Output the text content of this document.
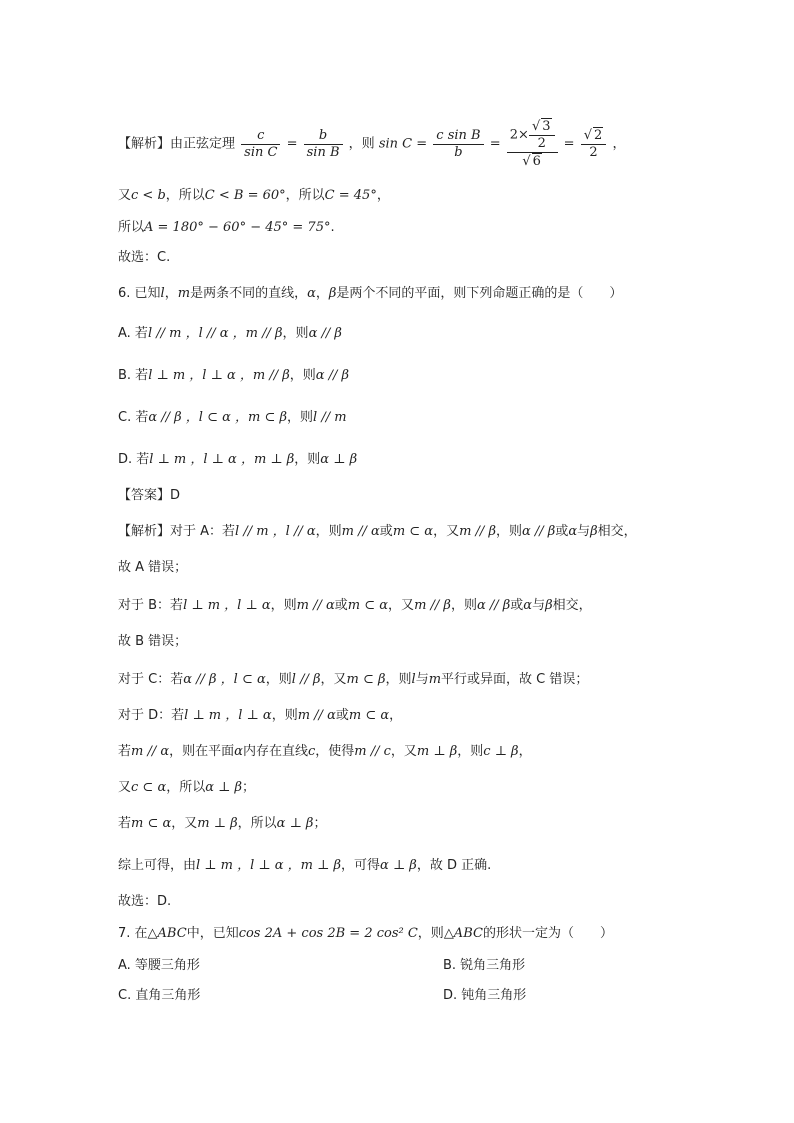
【解析】由正弦定理 $\frac{c}{\text{sin C}} = \frac{b}{\text{sin B}}$ ，则 $\sin C = \frac{\text{c sin B}}{b} = \frac{2\times \frac{√ 3}{2}}{√ 6} = \frac{√ 2}{2}$ ，
又c < b，所以C < B = 60°，所以C = 45°，
所以A = 180° − 60° − 45° = 75°.
故选：C.
6. 已知l，m是两条不同的直线，α，β是两个不同的平面，则下列命题正确的是（　　）
A. 若l // m ，l // α ，m // β，则α // β
B. 若l ⊥ m ，l ⊥ α ，m // β，则α // β
C. 若α // β ，l ⊂ α ，m ⊂ β，则l // m
D. 若l ⊥ m ，l ⊥ α ，m ⊥ β，则α ⊥ β
【答案】D
【解析】对于 A：若l // m ，l // α，则m // α或m ⊂ α，又m // β，则α // β或α与β相交，
故 A 错误；
对于 B：若l ⊥ m ，l ⊥ α，则m // α或m ⊂ α，又m // β，则α // β或α与β相交，
故 B 错误；
对于 C：若α // β ，l ⊂ α，则l // β，又m ⊂ β，则l与m平行或异面，故 C 错误；
对于 D：若l ⊥ m ，l ⊥ α，则m // α或m ⊂ α，
若m // α，则在平面α内存在直线c，使得m // c，又m ⊥ β，则c ⊥ β，
又c ⊂ α，所以α ⊥ β；
若m ⊂ α，又m ⊥ β，所以α ⊥ β；
综上可得，由l ⊥ m ，l ⊥ α ，m ⊥ β，可得α ⊥ β，故 D 正确.
故选：D.
7. 在△ABC中，已知cos 2A + cos 2B = 2 cos² C，则△ABC的形状一定为（　　）
A. 等腰三角形	B. 锐角三角形
C. 直角三角形	D. 钝角三角形
